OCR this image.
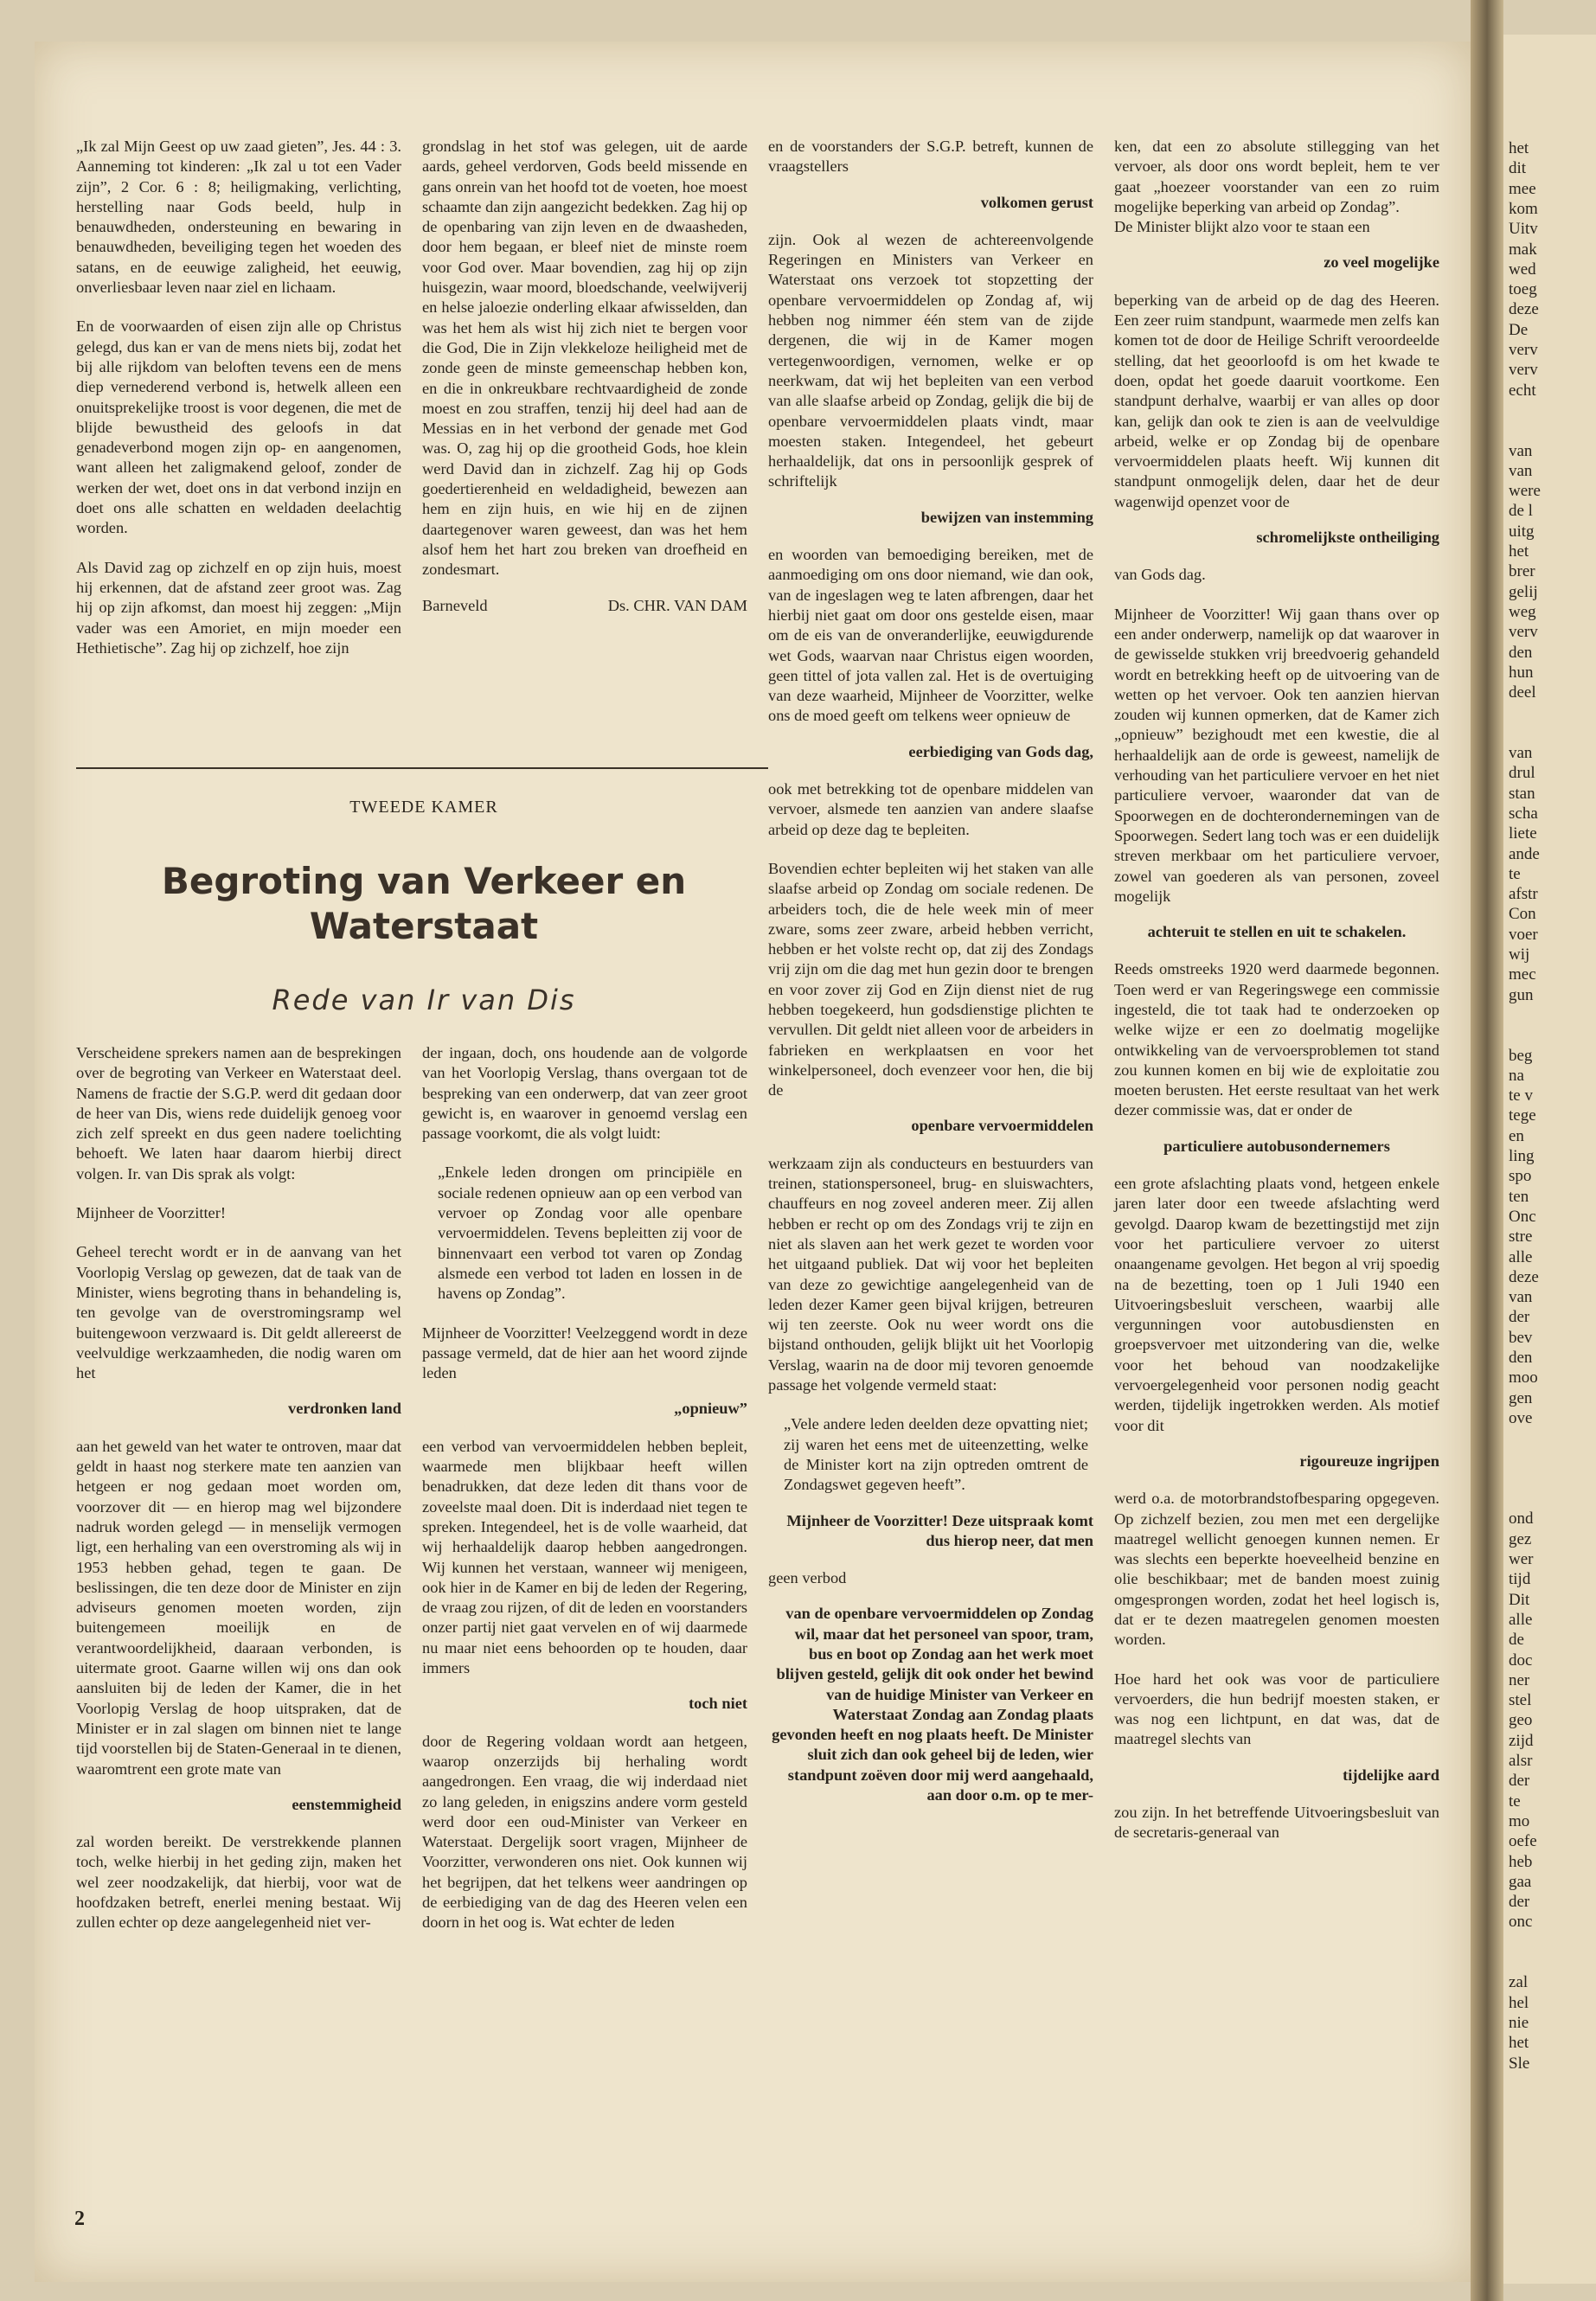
het
dit
mee
kom
Uitv
mak
wed
toeg
deze
De
verv
verv
echt
van
van
were
de l
uitg
het
brer
gelij
weg
verv
den
hun
deel
van
drul
stan
scha
liete
ande
te
afstr
Con
voer
wij
mec
gun
beg
na
te v
tege
en
ling
spo
ten
Onc
stre
alle
deze
van
der
bev
den
moo
gen
ove
ond
gez
wer
tijd
Dit
alle
de
doc
ner
stel
geo
zijd
alsr
der
te
mo
oefe
heb
gaa
der
onc
zal
hel
nie
het
Sle

„Ik zal Mijn Geest op uw zaad gieten”, Jes. 44 : 3. Aanneming tot kinderen: „Ik zal u tot een Vader zijn”, 2 Cor. 6 : 8; heiligmaking, verlichting, herstelling naar Gods beeld, hulp in benauwdheden, ondersteuning en bewaring in benauwdheden, beveiliging tegen het woeden des satans, en de eeuwige zaligheid, het eeuwig, onverliesbaar leven naar ziel en lichaam.

En de voorwaarden of eisen zijn alle op Christus gelegd, dus kan er van de mens niets bij, zodat het bij alle rijkdom van beloften tevens een de mens diep vernederend verbond is, hetwelk alleen een onuitsprekelijke troost is voor degenen, die met de blijde bewustheid des geloofs in dat genadeverbond mogen zijn op- en aangenomen, want alleen het zaligmakend geloof, zonder de werken der wet, doet ons in dat verbond inzijn en doet ons alle schatten en weldaden deelachtig worden.

Als David zag op zichzelf en op zijn huis, moest hij erkennen, dat de afstand zeer groot was. Zag hij op zijn afkomst, dan moest hij zeggen: „Mijn vader was een Amoriet, en mijn moeder een Hethietische”. Zag hij op zichzelf, hoe zijn

grondslag in het stof was gelegen, uit de aarde aards, geheel verdorven, Gods beeld missende en gans onrein van het hoofd tot de voeten, hoe moest schaamte dan zijn aangezicht bedekken. Zag hij op de openbaring van zijn leven en de dwaasheden, door hem begaan, er bleef niet de minste roem voor God over. Maar bovendien, zag hij op zijn huisgezin, waar moord, bloedschande, veelwijverij en helse jaloezie onderling elkaar afwisselden, dan was het hem als wist hij zich niet te bergen voor die God, Die in Zijn vlekkeloze heiligheid met de zonde geen de minste gemeenschap hebben kon, en die in onkreukbare rechtvaardigheid de zonde moest en zou straffen, tenzij hij deel had aan de Messias en in het verbond der genade met God was. O, zag hij op die grootheid Gods, hoe klein werd David dan in zichzelf. Zag hij op Gods goedertierenheid en weldadigheid, bewezen aan hem en zijn huis, en wie hij en de zijnen daartegenover waren geweest, dan was het hem alsof hem het hart zou breken van droefheid en zondesmart.

Barneveld	Ds. CHR. VAN DAM
TWEEDE KAMER
Begroting van Verkeer en
Waterstaat
Rede van Ir van Dis

Verscheidene sprekers namen aan de besprekingen over de begroting van Verkeer en Waterstaat deel. Namens de fractie der S.G.P. werd dit gedaan door de heer van Dis, wiens rede duidelijk genoeg voor zich zelf spreekt en dus geen nadere toelichting behoeft. We laten haar daarom hierbij direct volgen. Ir. van Dis sprak als volgt:

Mijnheer de Voorzitter!

Geheel terecht wordt er in de aanvang van het Voorlopig Verslag op gewezen, dat de taak van de Minister, wiens begroting thans in behandeling is, ten gevolge van de overstromingsramp wel buitengewoon verzwaard is. Dit geldt allereerst de veelvuldige werkzaamheden, die nodig waren om het

verdronken land

aan het geweld van het water te ontroven, maar dat geldt in haast nog sterkere mate ten aanzien van hetgeen er nog gedaan moet worden om, voorzover dit — en hierop mag wel bijzondere nadruk worden gelegd — in menselijk vermogen ligt, een herhaling van een overstroming als wij in 1953 hebben gehad, tegen te gaan. De beslissingen, die ten deze door de Minister en zijn adviseurs genomen moeten worden, zijn buitengemeen moeilijk en de verantwoordelijkheid, daaraan verbonden, is uitermate groot. Gaarne willen wij ons dan ook aansluiten bij de leden der Kamer, die in het Voorlopig Verslag de hoop uitspraken, dat de Minister er in zal slagen om binnen niet te lange tijd voorstellen bij de Staten-Generaal in te dienen, waaromtrent een grote mate van

eenstemmigheid

zal worden bereikt. De verstrekkende plannen toch, welke hierbij in het geding zijn, maken het wel zeer noodzakelijk, dat hierbij, voor wat de hoofdzaken betreft, enerlei mening bestaat. Wij zullen echter op deze aangelegenheid niet ver-

der ingaan, doch, ons houdende aan de volgorde van het Voorlopig Verslag, thans overgaan tot de bespreking van een onderwerp, dat van zeer groot gewicht is, en waarover in genoemd verslag een passage voorkomt, die als volgt luidt:

„Enkele leden drongen om principiële en sociale redenen opnieuw aan op een verbod van vervoer op Zondag voor alle openbare vervoermiddelen. Tevens bepleitten zij voor de binnenvaart een verbod tot varen op Zondag alsmede een verbod tot laden en lossen in de havens op Zondag”.

Mijnheer de Voorzitter! Veelzeggend wordt in deze passage vermeld, dat de hier aan het woord zijnde leden

„opnieuw”

een verbod van vervoermiddelen hebben bepleit, waarmede men blijkbaar heeft willen benadrukken, dat deze leden dit thans voor de zoveelste maal doen. Dit is inderdaad niet tegen te spreken. Integendeel, het is de volle waarheid, dat wij herhaaldelijk daarop hebben aangedrongen. Wij kunnen het verstaan, wanneer wij menigeen, ook hier in de Kamer en bij de leden der Regering, de vraag zou rijzen, of dit de leden en voorstanders onzer partij niet gaat vervelen en of wij daarmede nu maar niet eens behoorden op te houden, daar immers

toch niet

door de Regering voldaan wordt aan hetgeen, waarop onzerzijds bij herhaling wordt aangedrongen. Een vraag, die wij inderdaad niet zo lang geleden, in enigszins andere vorm gesteld werd door een oud-Minister van Verkeer en Waterstaat. Dergelijk soort vragen, Mijnheer de Voorzitter, verwonderen ons niet. Ook kunnen wij het begrijpen, dat het telkens weer aandringen op de eerbiediging van de dag des Heeren velen een doorn in het oog is. Wat echter de leden

en de voorstanders der S.G.P. betreft, kunnen de vraagstellers

volkomen gerust

zijn. Ook al wezen de achtereenvolgende Regeringen en Ministers van Verkeer en Waterstaat ons verzoek tot stopzetting der openbare vervoermiddelen op Zondag af, wij hebben nog nimmer één stem van de zijde dergenen, die wij in de Kamer mogen vertegenwoordigen, vernomen, welke er op neerkwam, dat wij het bepleiten van een verbod van alle slaafse arbeid op Zondag, gelijk die bij de openbare vervoermiddelen plaats vindt, maar moesten staken. Integendeel, het gebeurt herhaaldelijk, dat ons in persoonlijk gesprek of schriftelijk

bewijzen van instemming

en woorden van bemoediging bereiken, met de aanmoediging om ons door niemand, wie dan ook, van de ingeslagen weg te laten afbrengen, daar het hierbij niet gaat om door ons gestelde eisen, maar om de eis van de onveranderlijke, eeuwigdurende wet Gods, waarvan naar Christus eigen woorden, geen tittel of jota vallen zal. Het is de overtuiging van deze waarheid, Mijnheer de Voorzitter, welke ons de moed geeft om telkens weer opnieuw de

eerbiediging van Gods dag,

ook met betrekking tot de openbare middelen van vervoer, alsmede ten aanzien van andere slaafse arbeid op deze dag te bepleiten.

Bovendien echter bepleiten wij het staken van alle slaafse arbeid op Zondag om sociale redenen. De arbeiders toch, die de hele week min of meer zware, soms zeer zware, arbeid hebben verricht, hebben er het volste recht op, dat zij des Zondags vrij zijn om die dag met hun gezin door te brengen en voor zover zij God en Zijn dienst niet de rug hebben toegekeerd, hun godsdienstige plichten te vervullen. Dit geldt niet alleen voor de arbeiders in fabrieken en werkplaatsen en voor het winkelpersoneel, doch evenzeer voor hen, die bij de

openbare vervoermiddelen

werkzaam zijn als conducteurs en bestuurders van treinen, stationspersoneel, brug- en sluiswachters, chauffeurs en nog zoveel anderen meer. Zij allen hebben er recht op om des Zondags vrij te zijn en niet als slaven aan het werk gezet te worden voor het uitgaand publiek. Dat wij voor het bepleiten van deze zo gewichtige aangelegenheid van de leden dezer Kamer geen bijval krijgen, betreuren wij ten zeerste. Ook nu weer wordt ons die bijstand onthouden, gelijk blijkt uit het Voorlopig Verslag, waarin na de door mij tevoren genoemde passage het volgende vermeld staat:

„Vele andere leden deelden deze opvatting niet; zij waren het eens met de uiteenzetting, welke de Minister kort na zijn optreden omtrent de Zondagswet gegeven heeft”.

Mijnheer de Voorzitter! Deze uitspraak komt dus hierop neer, dat men

geen verbod

van de openbare vervoermiddelen op Zondag wil, maar dat het personeel van spoor, tram, bus en boot op Zondag aan het werk moet blijven gesteld, gelijk dit ook onder het bewind van de huidige Minister van Verkeer en Waterstaat Zondag aan Zondag plaats gevonden heeft en nog plaats heeft. De Minister sluit zich dan ook geheel bij de leden, wier standpunt zoëven door mij werd aangehaald, aan door o.m. op te mer-

ken, dat een zo absolute stillegging van het vervoer, als door ons wordt bepleit, hem te ver gaat „hoezeer voorstander van een zo ruim mogelijke beperking van arbeid op Zondag”.

De Minister blijkt alzo voor te staan een

zo veel mogelijke

beperking van de arbeid op de dag des Heeren. Een zeer ruim standpunt, waarmede men zelfs kan komen tot de door de Heilige Schrift veroordeelde stelling, dat het geoorloofd is om het kwade te doen, opdat het goede daaruit voortkome. Een standpunt derhalve, waarbij er van alles op door kan, gelijk dan ook te zien is aan de veelvuldige arbeid, welke er op Zondag bij de openbare vervoermiddelen plaats heeft. Wij kunnen dit standpunt onmogelijk delen, daar het de deur wagenwijd openzet voor de

schromelijkste ontheiliging

van Gods dag.

Mijnheer de Voorzitter! Wij gaan thans over op een ander onderwerp, namelijk op dat waarover in de gewisselde stukken vrij breedvoerig gehandeld wordt en betrekking heeft op de uitvoering van de wetten op het vervoer. Ook ten aanzien hiervan zouden wij kunnen opmerken, dat de Kamer zich „opnieuw” bezighoudt met een kwestie, die al herhaaldelijk aan de orde is geweest, namelijk de verhouding van het particuliere vervoer en het niet particuliere vervoer, waaronder dat van de Spoorwegen en de dochterondernemingen van de Spoorwegen. Sedert lang toch was er een duidelijk streven merkbaar om het particuliere vervoer, zowel van goederen als van personen, zoveel mogelijk

achteruit te stellen en uit te schakelen.

Reeds omstreeks 1920 werd daarmede begonnen. Toen werd er van Regeringswege een commissie ingesteld, die tot taak had te onderzoeken op welke wijze er een zo doelmatig mogelijke ontwikkeling van de vervoersproblemen tot stand zou kunnen komen en bij wie de exploitatie zou moeten berusten. Het eerste resultaat van het werk dezer commissie was, dat er onder de

particuliere autobusondernemers

een grote afslachting plaats vond, hetgeen enkele jaren later door een tweede afslachting werd gevolgd. Daarop kwam de bezettingstijd met zijn voor het particuliere vervoer zo uiterst onaangename gevolgen. Het begon al vrij spoedig na de bezetting, toen op 1 Juli 1940 een Uitvoeringsbesluit verscheen, waarbij alle vergunningen voor autobusdiensten en groepsvervoer met uitzondering van die, welke voor het behoud van noodzakelijke vervoergelegenheid voor personen nodig geacht werden, tijdelijk ingetrokken werden. Als motief voor dit

rigoureuze ingrijpen

werd o.a. de motorbrandstofbesparing opgegeven. Op zichzelf bezien, zou men met een dergelijke maatregel wellicht genoegen kunnen nemen. Er was slechts een beperkte hoeveelheid benzine en olie beschikbaar; met de banden moest zuinig omgesprongen worden, zodat het heel logisch is, dat er te dezen maatregelen genomen moesten worden.

Hoe hard het ook was voor de particuliere vervoerders, die hun bedrijf moesten staken, er was nog een lichtpunt, en dat was, dat de maatregel slechts van

tijdelijke aard

zou zijn. In het betreffende Uitvoeringsbesluit van de secretaris-generaal van

2
